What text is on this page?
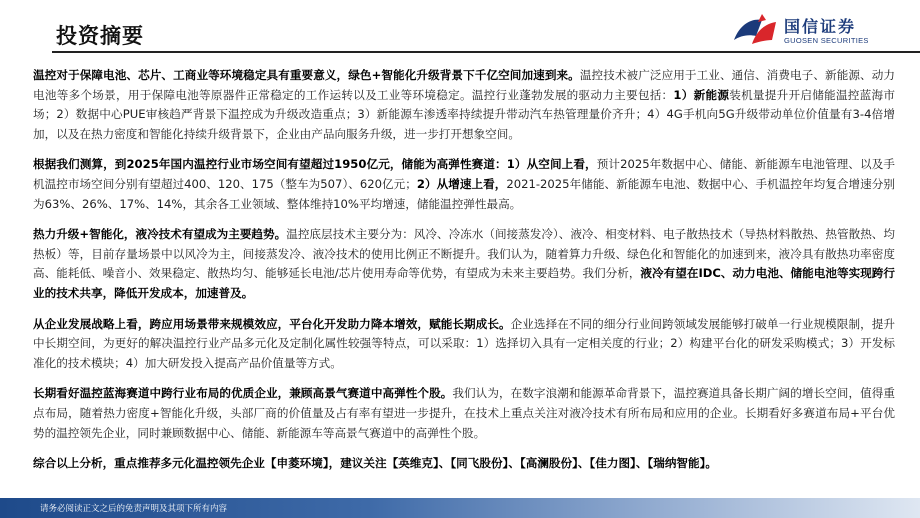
投资摘要	国信证券
GUOSEN SECURITIES

温控对于保障电池、芯片、工商业等环境稳定具有重要意义，绿色+智能化升级背景下千亿空间加速到来。温控技术被广泛应用于工业、通信、消费电子、新能源、动力电池等多个场景，用于保障电池等原器件正常稳定的工作运转以及工业等环境稳定。温控行业蓬勃发展的驱动力主要包括：1）新能源装机量提升开启储能温控蓝海市场；2）数据中心PUE审核趋严背景下温控成为升级改造重点；3）新能源车渗透率持续提升带动汽车热管理量价齐升；4）4G手机向5G升级带动单位价值量有3-4倍增加，以及在热力密度和智能化持续升级背景下，企业由产品向服务升级，进一步打开想象空间。

根据我们测算，到2025年国内温控行业市场空间有望超过1950亿元，储能为高弹性赛道：1）从空间上看，预计2025年数据中心、储能、新能源车电池管理、以及手机温控市场空间分别有望超过400、120、175（整车为507）、620亿元；2）从增速上看，2021-2025年储能、新能源车电池、数据中心、手机温控年均复合增速分别为63%、26%、17%、14%，其余各工业领域、整体维持10%平均增速，储能温控弹性最高。

热力升级+智能化，液冷技术有望成为主要趋势。温控底层技术主要分为：风冷、冷冻水（间接蒸发冷）、液冷、相变材料、电子散热技术（导热材料散热、热管散热、均热板）等，目前存量场景中以风冷为主，间接蒸发冷、液冷技术的使用比例正不断提升。我们认为，随着算力升级、绿色化和智能化的加速到来，液冷具有散热功率密度高、能耗低、噪音小、效果稳定、散热均匀、能够延长电池/芯片使用寿命等优势，有望成为未来主要趋势。我们分析，液冷有望在IDC、动力电池、储能电池等实现跨行业的技术共享，降低开发成本，加速普及。

从企业发展战略上看，跨应用场景带来规模效应，平台化开发助力降本增效，赋能长期成长。企业选择在不同的细分行业间跨领域发展能够打破单一行业规模限制，提升中长期空间，为更好的解决温控行业产品多元化及定制化属性较强等特点，可以采取：1）选择切入具有一定相关度的行业；2）构建平台化的研发采购模式；3）开发标准化的技术模块；4）加大研发投入提高产品价值量等方式。

长期看好温控蓝海赛道中跨行业布局的优质企业，兼顾高景气赛道中高弹性个股。我们认为，在数字浪潮和能源革命背景下，温控赛道具备长期广阔的增长空间，值得重点布局，随着热力密度+智能化升级，头部厂商的价值量及占有率有望进一步提升，在技术上重点关注对液冷技术有所布局和应用的企业。长期看好多赛道布局+平台优势的温控领先企业，同时兼顾数据中心、储能、新能源车等高景气赛道中的高弹性个股。

综合以上分析，重点推荐多元化温控领先企业【申菱环境】，建议关注【英维克】、【同飞股份】、【高澜股份】、【佳力图】、【瑞纳智能】。

请务必阅读正文之后的免责声明及其项下所有内容
